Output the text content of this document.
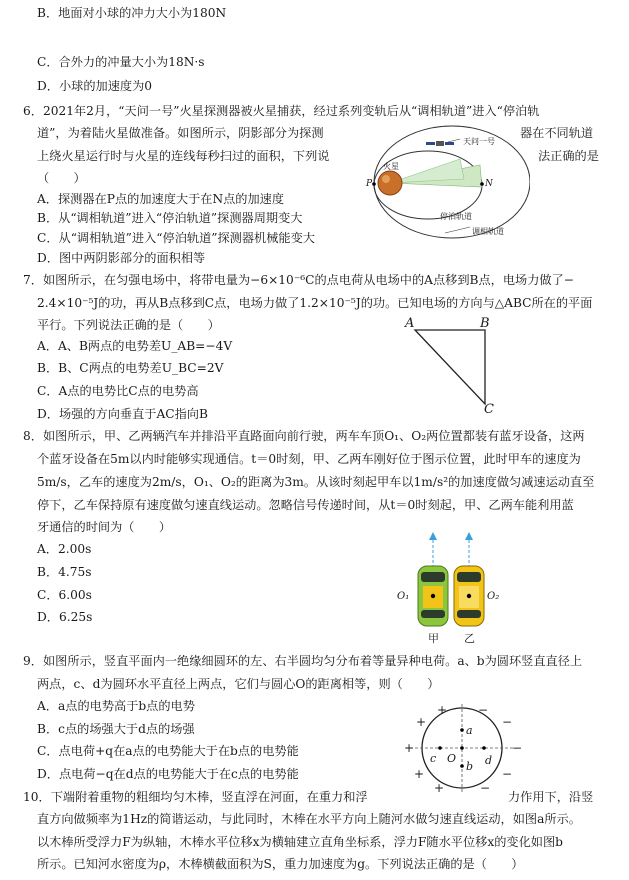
B．地面对小球的冲力大小为180N
C．合外力的冲量大小为18N·s
D．小球的加速度为0
6．2021年2月，“天问一号”火星探测器被火星捕获，经过系列变轨后从“调相轨道”进入“停泊轨
道”，为着陆火星做准备。如图所示，阴影部分为探测	器在不同轨道
上绕火星运行时与火星的连线每秒扫过的面积，下列说	法正确的是
（　　）
A．探测器在P点的加速度大于在N点的加速度
B．从“调相轨道”进入“停泊轨道”探测器周期变大
C．从“调相轨道”进入“停泊轨道”探测器机械能变大
D．图中两阴影部分的面积相等
天问一号
火星
P	N
停泊轨道
调相轨道
7．如图所示，在匀强电场中，将带电量为−6×10⁻⁶C的点电荷从电场中的A点移到B点，电场力做了−
2.4×10⁻⁵J的功，再从B点移到C点，电场力做了1.2×10⁻⁵J的功。已知电场的方向与△ABC所在的平面
平行。下列说法正确的是（　　）
A．A、B两点的电势差U_AB=−4V
B．B、C两点的电势差U_BC=2V
C．A点的电势比C点的电势高
D．场强的方向垂直于AC指向B
A	B
C
8．如图所示，甲、乙两辆汽车并排沿平直路面向前行驶，两车车顶O₁、O₂两位置都装有蓝牙设备，这两
个蓝牙设备在5m以内时能够实现通信。t＝0时刻，甲、乙两车刚好位于图示位置，此时甲车的速度为
5m/s，乙车的速度为2m/s，O₁、O₂的距离为3m。从该时刻起甲车以1m/s²的加速度做匀减速运动直至
停下，乙车保持原有速度做匀速直线运动。忽略信号传递时间，从t＝0时刻起，甲、乙两车能利用蓝
牙通信的时间为（　　）
A．2.00s
B．4.75s
C．6.00s
D．6.25s
O₁	O₂
甲 乙
9．如图所示，竖直平面内一绝缘细圆环的左、右半圆均匀分布着等量异种电荷。a、b为圆环竖直直径上
两点，c、d为圆环水平直径上两点，它们与圆心O的距离相等，则（　　）
A．a点的电势高于b点的电势
B．c点的场强大于d点的场强
C．点电荷+q在a点的电势能大于在b点的电势能
D．点电荷−q在d点的电势能大于在c点的电势能
+
+
+
+
+
−
−
−
−
−
a
b
c O	d
10．下端附着重物的粗细均匀木棒，竖直浮在河面，在重力和浮	力作用下，沿竖
直方向做频率为1Hz的简谐运动，与此同时，木棒在水平方向上随河水做匀速直线运动，如图a所示。
以木棒所受浮力F为纵轴，木棒水平位移x为横轴建立直角坐标系，浮力F随水平位移x的变化如图b
所示。已知河水密度为ρ，木棒横截面积为S，重力加速度为g。下列说法正确的是（　　）
